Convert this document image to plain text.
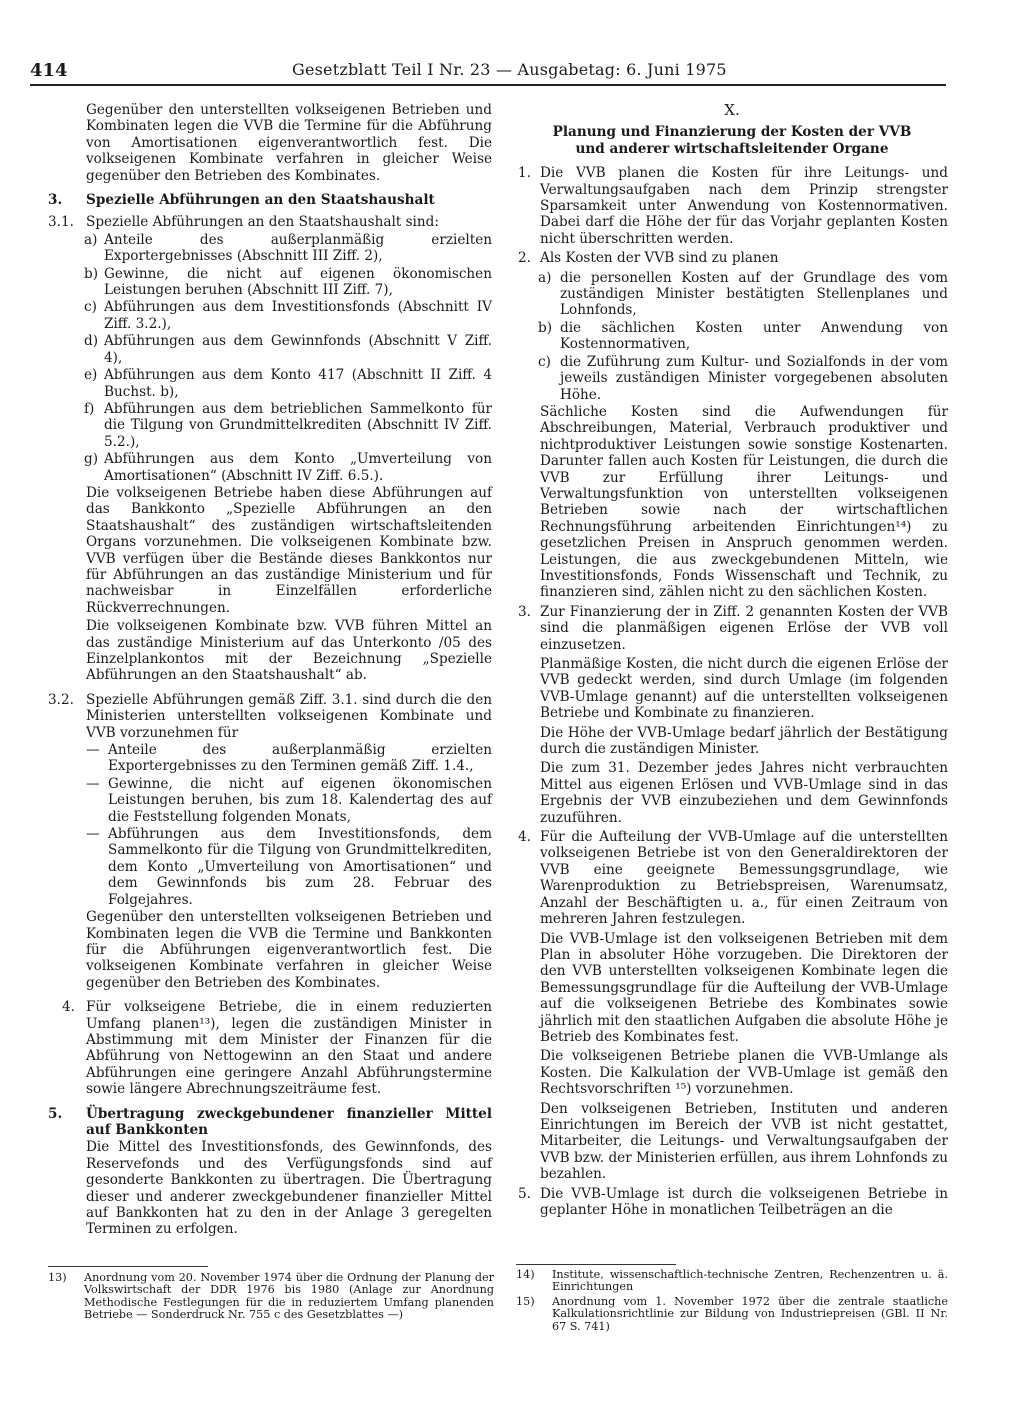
414	Gesetzblatt Teil I Nr. 23 — Ausgabetag: 6. Juni 1975

Gegenüber den unterstellten volkseigenen Betrieben und Kombinaten legen die VVB die Termine für die Abführung von Amortisationen eigenverantwortlich fest. Die volkseigenen Kombinate verfahren in gleicher Weise gegenüber den Betrieben des Kombinates.

3. Spezielle Abführungen an den Staatshaushalt
3.1. Spezielle Abführungen an den Staatshaushalt sind:
a) Anteile des außerplanmäßig erzielten Exportergebnisses (Abschnitt III Ziff. 2),
b) Gewinne, die nicht auf eigenen ökonomischen Leistungen beruhen (Abschnitt III Ziff. 7),
c) Abführungen aus dem Investitionsfonds (Abschnitt IV Ziff. 3.2.),
d) Abführungen aus dem Gewinnfonds (Abschnitt V Ziff. 4),
e) Abführungen aus dem Konto 417 (Abschnitt II Ziff. 4 Buchst. b),
f) Abführungen aus dem betrieblichen Sammelkonto für die Tilgung von Grundmittelkrediten (Abschnitt IV Ziff. 5.2.),
g) Abführungen aus dem Konto „Umverteilung von Amortisationen“ (Abschnitt IV Ziff. 6.5.).

Die volkseigenen Betriebe haben diese Abführungen auf das Bankkonto „Spezielle Abführungen an den Staatshaushalt“ des zuständigen wirtschaftsleitenden Organs vorzunehmen. Die volkseigenen Kombinate bzw. VVB verfügen über die Bestände dieses Bankkontos nur für Abführungen an das zuständige Ministerium und für nachweisbar in Einzelfällen erforderliche Rückverrechnungen.

Die volkseigenen Kombinate bzw. VVB führen Mittel an das zuständige Ministerium auf das Unterkonto /05 des Einzelplankontos mit der Bezeichnung „Spezielle Abführungen an den Staatshaushalt“ ab.

3.2. Spezielle Abführungen gemäß Ziff. 3.1. sind durch die den Ministerien unterstellten volkseigenen Kombinate und VVB vorzunehmen für
— Anteile des außerplanmäßig erzielten Exportergebnisses zu den Terminen gemäß Ziff. 1.4.,
— Gewinne, die nicht auf eigenen ökonomischen Leistungen beruhen, bis zum 18. Kalendertag des auf die Feststellung folgenden Monats,
— Abführungen aus dem Investitionsfonds, dem Sammelkonto für die Tilgung von Grundmittelkrediten, dem Konto „Umverteilung von Amortisationen“ und dem Gewinnfonds bis zum 28. Februar des Folgejahres.

Gegenüber den unterstellten volkseigenen Betrieben und Kombinaten legen die VVB die Termine und Bankkonten für die Abführungen eigenverantwortlich fest. Die volkseigenen Kombinate verfahren in gleicher Weise gegenüber den Betrieben des Kombinates.

4. Für volkseigene Betriebe, die in einem reduzierten Umfang planen¹³), legen die zuständigen Minister in Abstimmung mit dem Minister der Finanzen für die Abführung von Nettogewinn an den Staat und andere Abführungen eine geringere Anzahl Abführungstermine sowie längere Abrechnungszeiträume fest.
5. Übertragung zweckgebundener finanzieller Mittel auf Bankkonten

Die Mittel des Investitionsfonds, des Gewinnfonds, des Reservefonds und des Verfügungsfonds sind auf gesonderte Bankkonten zu übertragen. Die Übertragung dieser und anderer zweckgebundener finanzieller Mittel auf Bankkonten hat zu den in der Anlage 3 geregelten Terminen zu erfolgen.

13) Anordnung vom 20. November 1974 über die Ordnung der Planung der Volkswirtschaft der DDR 1976 bis 1980 (Anlage zur Anordnung Methodische Festlegungen für die in reduziertem Umfang planenden Betriebe — Sonderdruck Nr. 755 c des Gesetzblattes —)
X.
Planung und Finanzierung der Kosten der VVB
und anderer wirtschaftsleitender Organe
1. Die VVB planen die Kosten für ihre Leitungs- und Verwaltungsaufgaben nach dem Prinzip strengster Sparsamkeit unter Anwendung von Kostennormativen. Dabei darf die Höhe der für das Vorjahr geplanten Kosten nicht überschritten werden.
2. Als Kosten der VVB sind zu planen
a) die personellen Kosten auf der Grundlage des vom zuständigen Minister bestätigten Stellenplanes und Lohnfonds,
b) die sächlichen Kosten unter Anwendung von Kostennormativen,
c) die Zuführung zum Kultur- und Sozialfonds in der vom jeweils zuständigen Minister vorgegebenen absoluten Höhe.

Sächliche Kosten sind die Aufwendungen für Abschreibungen, Material, Verbrauch produktiver und nichtproduktiver Leistungen sowie sonstige Kostenarten. Darunter fallen auch Kosten für Leistungen, die durch die VVB zur Erfüllung ihrer Leitungs- und Verwaltungsfunktion von unterstellten volkseigenen Betrieben sowie nach der wirtschaftlichen Rechnungsführung arbeitenden Einrichtungen¹⁴) zu gesetzlichen Preisen in Anspruch genommen werden. Leistungen, die aus zweckgebundenen Mitteln, wie Investitionsfonds, Fonds Wissenschaft und Technik, zu finanzieren sind, zählen nicht zu den sächlichen Kosten.

3. Zur Finanzierung der in Ziff. 2 genannten Kosten der VVB sind die planmäßigen eigenen Erlöse der VVB voll einzusetzen.

Planmäßige Kosten, die nicht durch die eigenen Erlöse der VVB gedeckt werden, sind durch Umlage (im folgenden VVB-Umlage genannt) auf die unterstellten volkseigenen Betriebe und Kombinate zu finanzieren.

Die Höhe der VVB-Umlage bedarf jährlich der Bestätigung durch die zuständigen Minister.

Die zum 31. Dezember jedes Jahres nicht verbrauchten Mittel aus eigenen Erlösen und VVB-Umlage sind in das Ergebnis der VVB einzubeziehen und dem Gewinnfonds zuzuführen.

4. Für die Aufteilung der VVB-Umlage auf die unterstellten volkseigenen Betriebe ist von den Generaldirektoren der VVB eine geeignete Bemessungsgrundlage, wie Warenproduktion zu Betriebspreisen, Warenumsatz, Anzahl der Beschäftigten u. a., für einen Zeitraum von mehreren Jahren festzulegen.

Die VVB-Umlage ist den volkseigenen Betrieben mit dem Plan in absoluter Höhe vorzugeben. Die Direktoren der den VVB unterstellten volkseigenen Kombinate legen die Bemessungsgrundlage für die Aufteilung der VVB-Umlage auf die volkseigenen Betriebe des Kombinates sowie jährlich mit den staatlichen Aufgaben die absolute Höhe je Betrieb des Kombinates fest.

Die volkseigenen Betriebe planen die VVB-Umlange als Kosten. Die Kalkulation der VVB-Umlage ist gemäß den Rechtsvorschriften ¹⁵) vorzunehmen.

Den volkseigenen Betrieben, Instituten und anderen Einrichtungen im Bereich der VVB ist nicht gestattet, Mitarbeiter, die Leitungs- und Verwaltungsaufgaben der VVB bzw. der Ministerien erfüllen, aus ihrem Lohnfonds zu bezahlen.

5. Die VVB-Umlage ist durch die volkseigenen Betriebe in geplanter Höhe in monatlichen Teilbeträgen an die
14) Institute, wissenschaftlich-technische Zentren, Rechenzentren u. ä. Einrichtungen
15) Anordnung vom 1. November 1972 über die zentrale staatliche Kalkulationsrichtlinie zur Bildung von Industriepreisen (GBl. II Nr. 67 S. 741)
